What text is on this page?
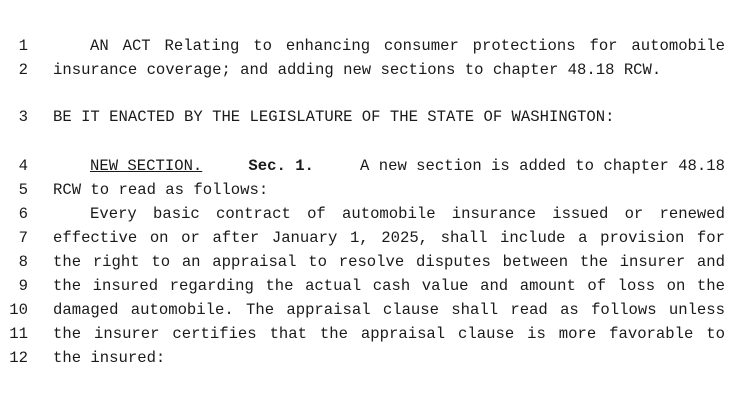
1	AN ACT Relating to enhancing consumer protections for automobile
2 insurance coverage; and adding new sections to chapter 48.18 RCW.
3 BE IT ENACTED BY THE LEGISLATURE OF THE STATE OF WASHINGTON:
4	NEW SECTION.	Sec. 1.	A new section is added to chapter 48.18
5 RCW to read as follows:
6	Every basic contract of automobile insurance issued or renewed
7 effective on or after January 1, 2025, shall include a provision for
8 the right to an appraisal to resolve disputes between the insurer and
9 the insured regarding the actual cash value and amount of loss on the
10 damaged automobile. The appraisal clause shall read as follows unless
11 the insurer certifies that the appraisal clause is more favorable to
12 the insured:
